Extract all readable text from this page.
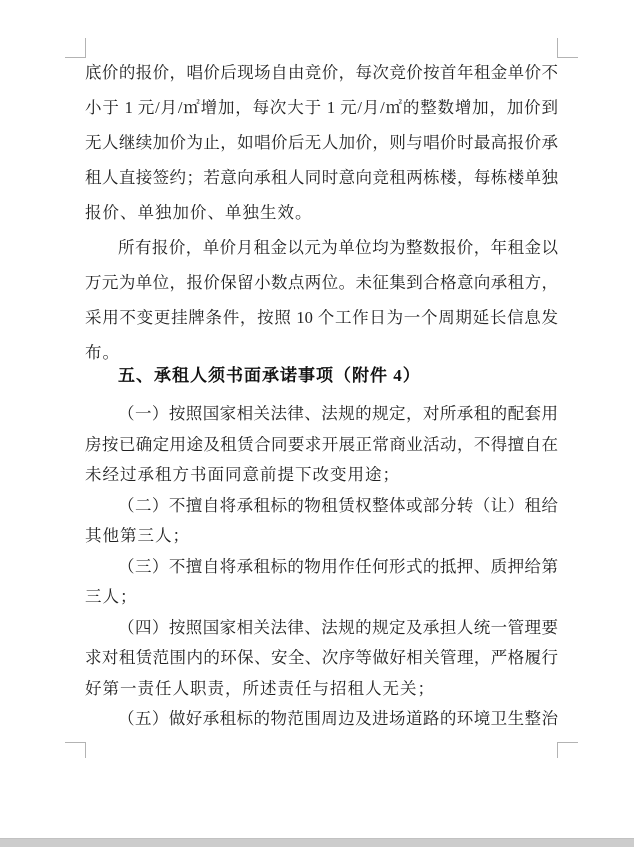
底价的报价，唱价后现场自由竞价，每次竞价按首年租金单价不
小于 1 元/月/㎡增加，每次大于 1 元/月/㎡的整数增加，加价到
无人继续加价为止，如唱价后无人加价，则与唱价时最高报价承
租人直接签约；若意向承租人同时意向竞租两栋楼，每栋楼单独
报价、单独加价、单独生效。
所有报价，单价月租金以元为单位均为整数报价，年租金以
万元为单位，报价保留小数点两位。未征集到合格意向承租方，
采用不变更挂牌条件，按照 10 个工作日为一个周期延长信息发
布。
五、承租人须书面承诺事项（附件 4）
（一）按照国家相关法律、法规的规定，对所承租的配套用
房按已确定用途及租赁合同要求开展正常商业活动，不得擅自在
未经过承租方书面同意前提下改变用途；
（二）不擅自将承租标的物租赁权整体或部分转（让）租给
其他第三人；
（三）不擅自将承租标的物用作任何形式的抵押、质押给第
三人；
（四）按照国家相关法律、法规的规定及承担人统一管理要
求对租赁范围内的环保、安全、次序等做好相关管理，严格履行
好第一责任人职责，所述责任与招租人无关；
（五）做好承租标的物范围周边及进场道路的环境卫生整治
